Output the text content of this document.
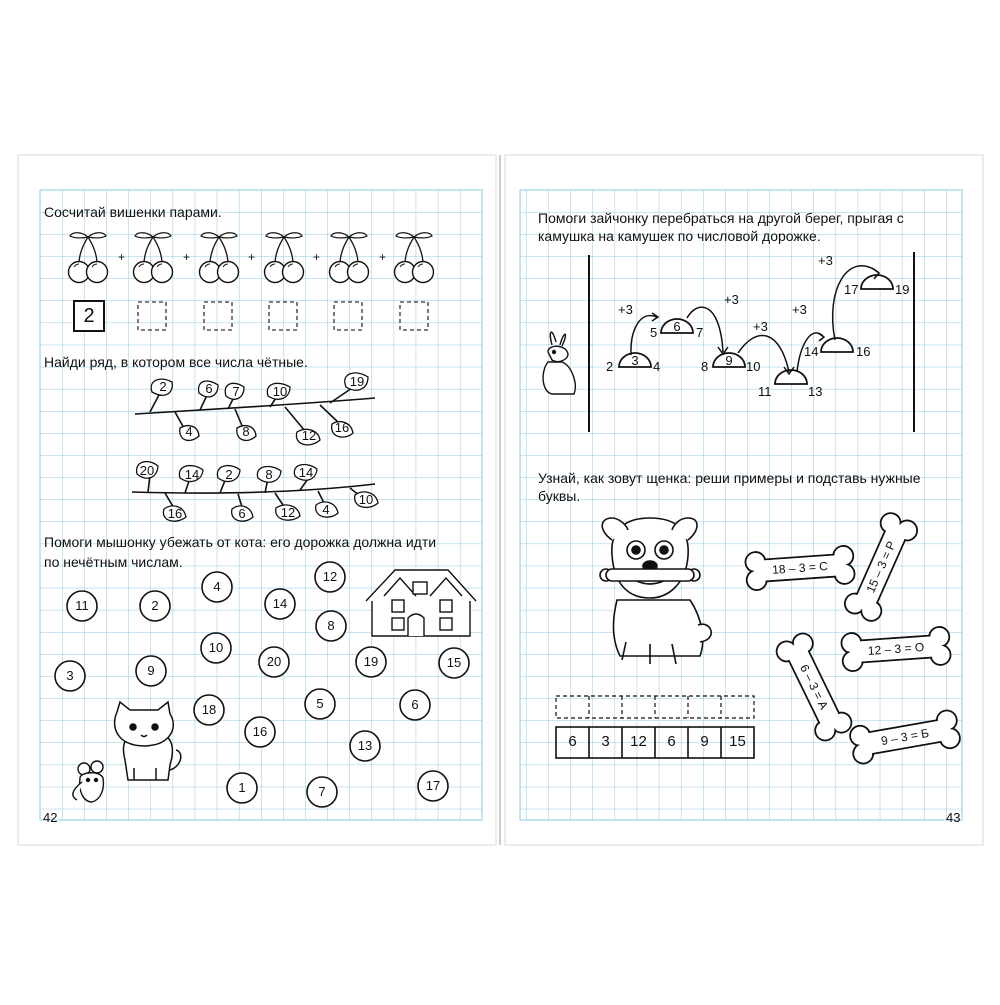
Сосчитай вишенки парами.
+	+	+	+	+
2
Найди ряд, в котором все числа чётные.
2	6	7	10
19
4	8	12
16
20	14	2	8	14
16	6	12	4
10
Помоги мышонку убежать от кота: его дорожка должна идти
по нечётным числам.
4
12
11	2	14
8
10
20	19	15
3	9
18	5	6
16
13
1	7	17
42
Помоги зайчонку перебраться на другой берег, прыгая с
камушка на камушек по числовой дорожке.
+3
+3
+3
+3
+3
3
6
9
2	4
5	7
8	10
11	13
14	16
17	19
Узнай, как зовут щенка: реши примеры и подставь нужные
буквы.
6	3	12	6	9	15
18 – 3 = С	15 – 3 = Р
12 – 3 = О
6 – 3 = А
9 – 3 = Б
43
